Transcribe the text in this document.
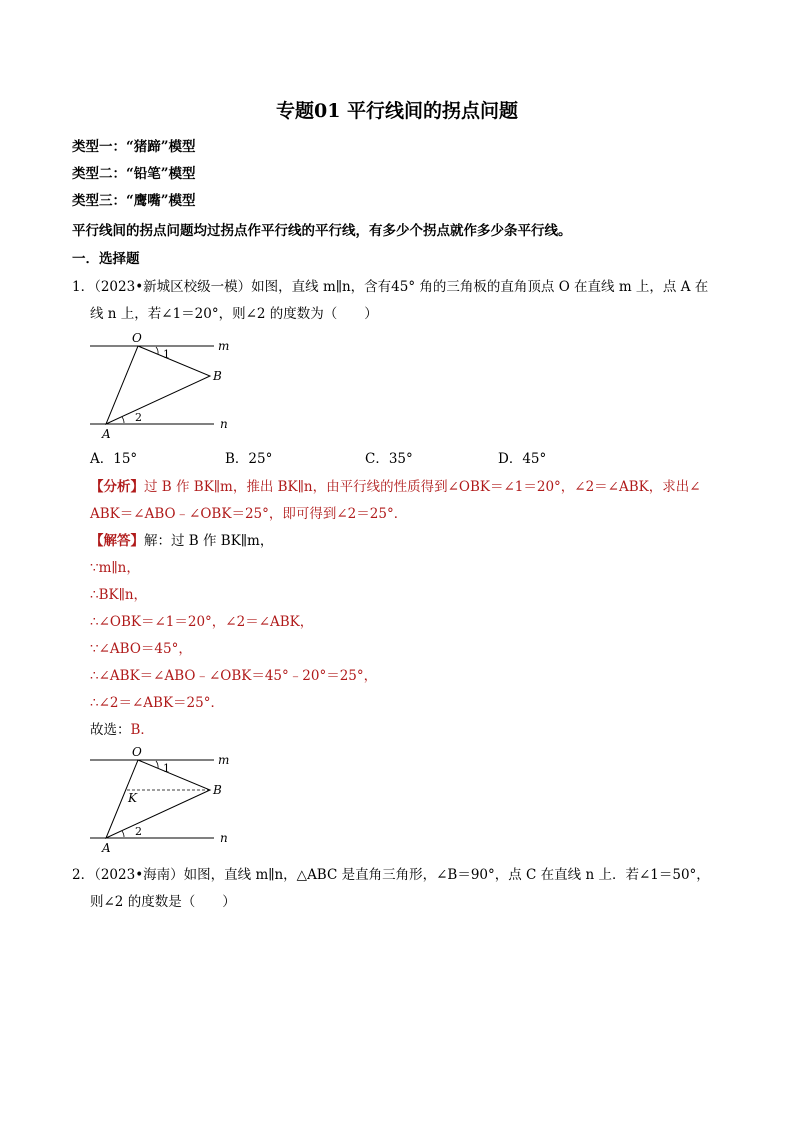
专题01 平行线间的拐点问题
类型一：“猪蹄”模型
类型二：“铅笔”模型
类型三：“鹰嘴”模型
平行线间的拐点问题均过拐点作平行线的平行线，有多少个拐点就作多少条平行线。
一．选择题
1．（2023•新城区校级一模）如图，直线 m∥n，含有45° 角的三角板的直角顶点 O 在直线 m 上，点 A 在
线 n 上，若∠1＝20°，则∠2 的度数为（　　）
O
m
n
B
A
1
2
A．15°	B．25°	C．35°	D．45°
【分析】过 B 作 BK∥m，推出 BK∥n，由平行线的性质得到∠OBK＝∠1＝20°，∠2＝∠ABK，求出∠
ABK＝∠ABO﹣∠OBK＝25°，即可得到∠2＝25°．
【解答】解：过 B 作 BK∥m，
∵m∥n，
∴BK∥n，
∴∠OBK＝∠1＝20°，∠2＝∠ABK，
∵∠ABO＝45°，
∴∠ABK＝∠ABO﹣∠OBK＝45°﹣20°＝25°，
∴∠2＝∠ABK＝25°．
故选：B．
O
m
n
B
A
K
1
2
2．（2023•海南）如图，直线 m∥n，△ABC 是直角三角形，∠B＝90°，点 C 在直线 n 上．若∠1＝50°，
则∠2 的度数是（　　）
